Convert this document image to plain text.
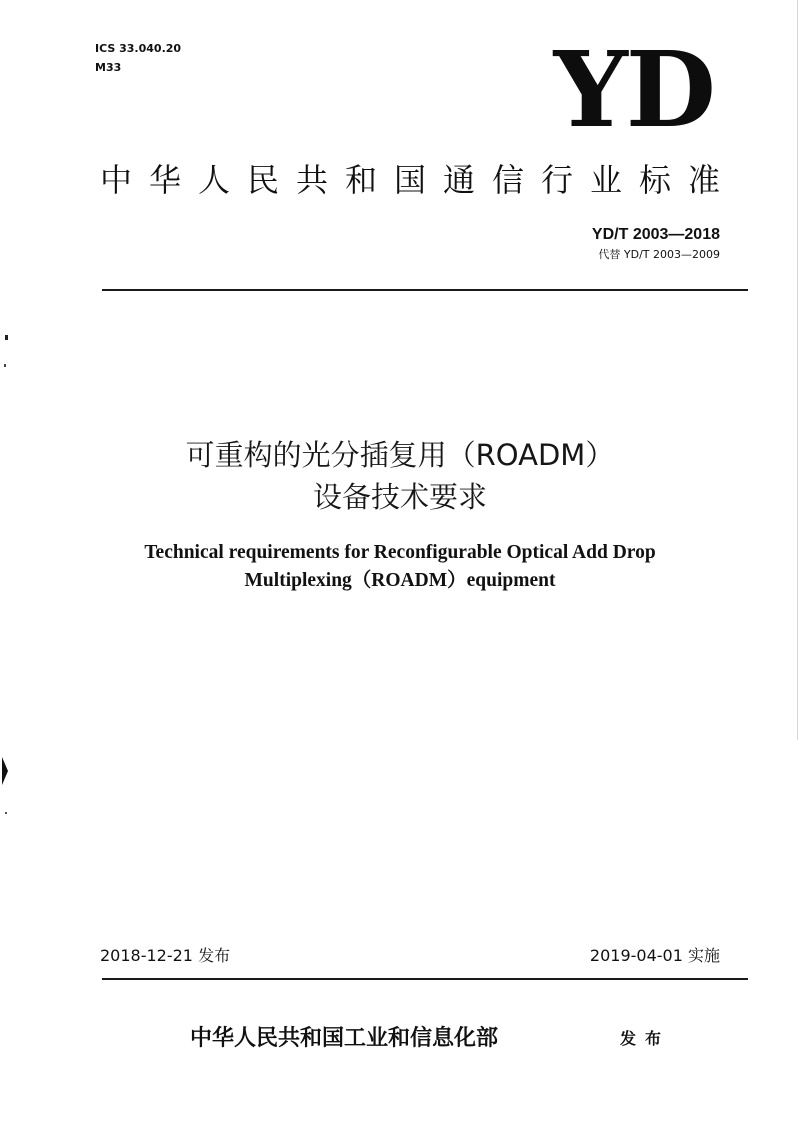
ICS 33.040.20
M33	YD
中华人民共和国通信行业标准
YD/T 2003—2018
代替 YD/T 2003—2009
可重构的光分插复用（ROADM）
设备技术要求
Technical requirements for Reconfigurable Optical Add Drop
Multiplexing（ROADM）equipment
2018-12-21 发布	2019-04-01 实施
中华人民共和国工业和信息化部	发布
